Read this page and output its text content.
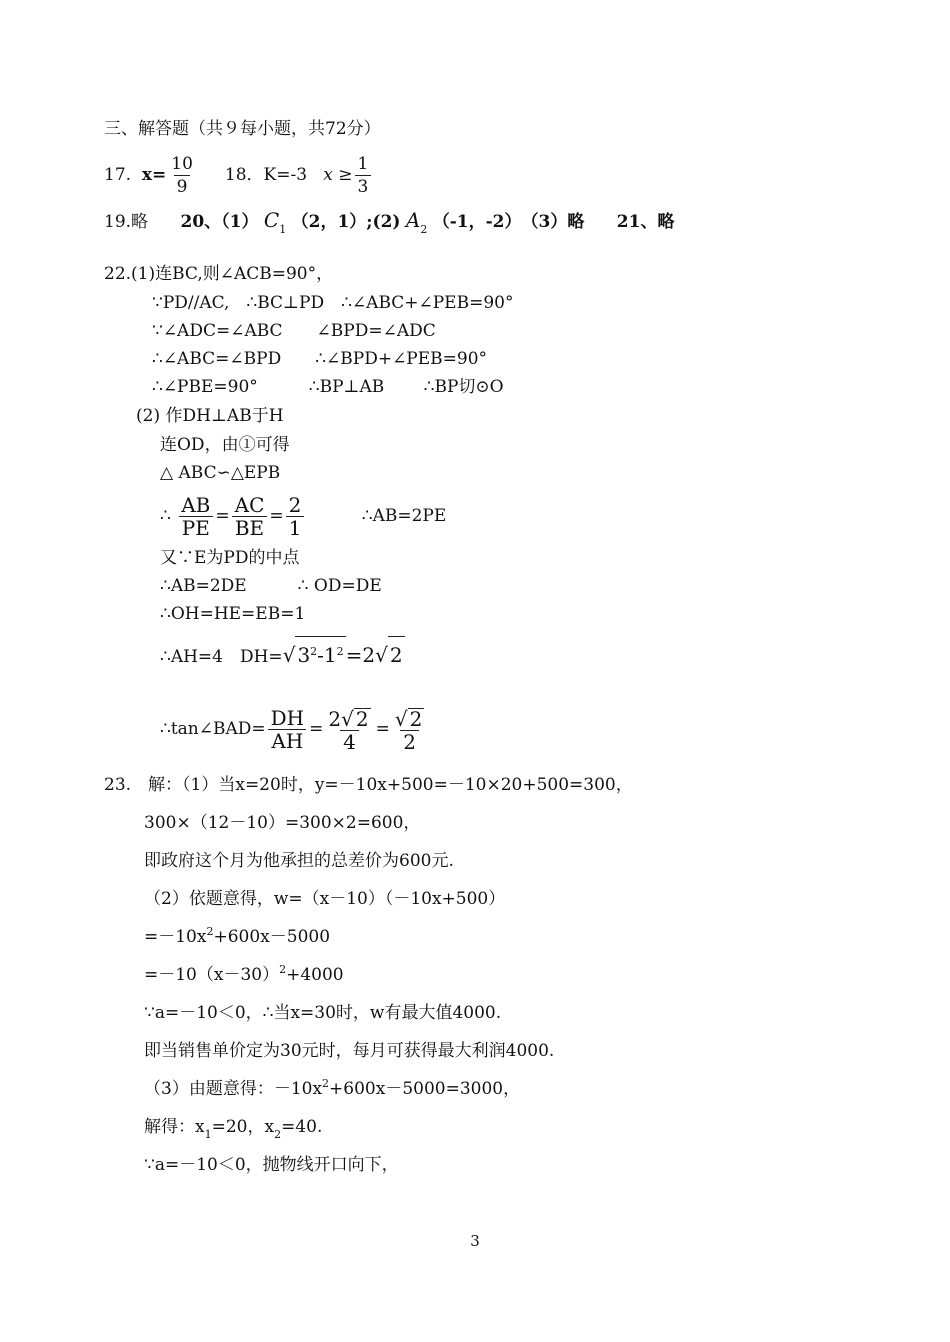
三、解答题（共９每小题，共72分）
17. $x= \frac{10}{9} 18$．K=-3 $x \ge \frac{1}{3}$
19.略 20、（1） $C_1$ （2，1）;(2) $A_2$ （-1，-2）　（3）略 21、略
22.(1)连BC,则∠ACB=90°，
∵PD//AC,　∴BC⊥PD　∴∠ABC+∠PEB=90°
∵∠ADC=∠ABC　　∠BPD=∠ADC
∴∠ABC=∠BPD　　∴∠BPD+∠PEB=90°
∴∠PBE=90°　　　∴BP⊥AB　　 ∴BP切⊙O
(2) 作DH⊥AB于H
连OD，由①可得
△ ABC∽△EPB
∴ $\frac{AB}{PE} = \frac{AC}{BE} = \frac{2}{1}$	∴AB=2PE
又∵E为PD的中点
∴AB=2DE　　　∴ OD=DE
∴OH=HE=EB=1
∴AH=4　DH=√ $3^2-1^2 =2√$ 2
∴tan∠BAD= $\frac{DH}{AH} = \frac{2√ 2}{4} = \frac{√ 2}{2}$
23.　解：（1）当x=20时，y=－10x+500=－10×20+500=300，
300×（12－10）=300×2=600，
即政府这个月为他承担的总差价为600元.
（2）依题意得，w=（x－10）（－10x+500）
$=-10x^2+600x-5000$
$=-10(x-30)^2+4000$
∵a=－10＜0，∴当x=30时，w有最大值4000.
即当销售单价定为30元时，每月可获得最大利润4000.
（3）由题意得：$-10x^2+600x-5000=3000$，
解得：$x_1=20$，$x_2=40$.
∵a=－10＜0，抛物线开口向下，
3
